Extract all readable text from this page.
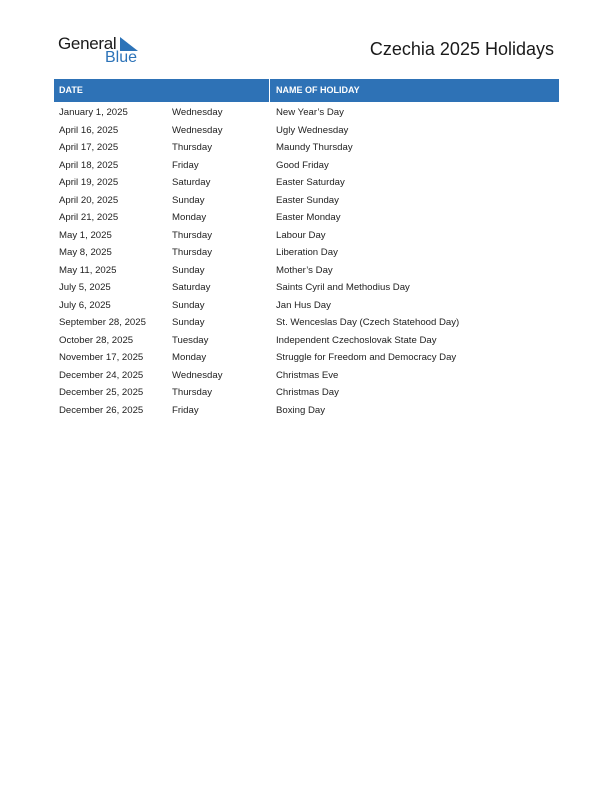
General
Blue	Czechia 2025 Holidays
DATE	NAME OF HOLIDAY
January 1, 2025	Wednesday	New Year’s Day
April 16, 2025	Wednesday	Ugly Wednesday
April 17, 2025	Thursday	Maundy Thursday
April 18, 2025	Friday	Good Friday
April 19, 2025	Saturday	Easter Saturday
April 20, 2025	Sunday	Easter Sunday
April 21, 2025	Monday	Easter Monday
May 1, 2025	Thursday	Labour Day
May 8, 2025	Thursday	Liberation Day
May 11, 2025	Sunday	Mother’s Day
July 5, 2025	Saturday	Saints Cyril and Methodius Day
July 6, 2025	Sunday	Jan Hus Day
September 28, 2025	Sunday	St. Wenceslas Day (Czech Statehood Day)
October 28, 2025	Tuesday	Independent Czechoslovak State Day
November 17, 2025	Monday	Struggle for Freedom and Democracy Day
December 24, 2025	Wednesday	Christmas Eve
December 25, 2025	Thursday	Christmas Day
December 26, 2025	Friday	Boxing Day
